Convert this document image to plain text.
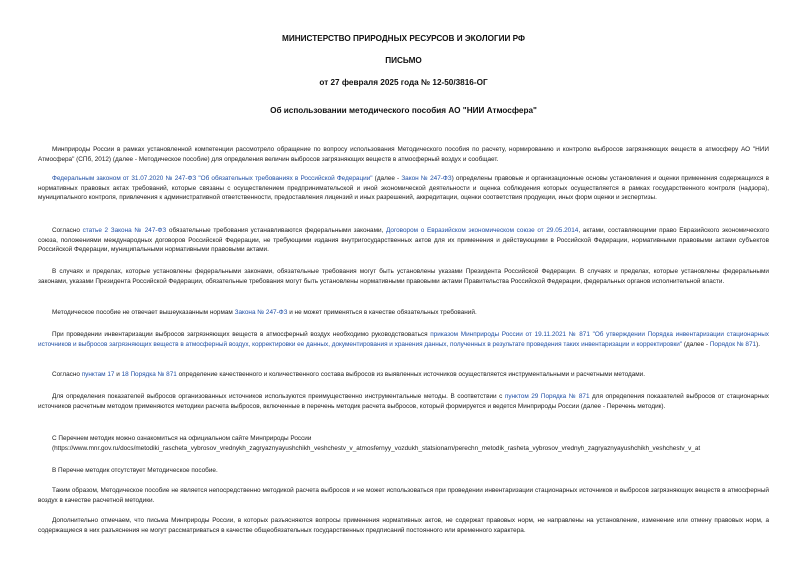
МИНИСТЕРСТВО ПРИРОДНЫХ РЕСУРСОВ И ЭКОЛОГИИ РФ
ПИСЬМО
от 27 февраля 2025 года № 12-50/3816-ОГ
Об использовании методического пособия АО "НИИ Атмосфера"

Минприроды России в рамках установленной компетенции рассмотрело обращение по вопросу использования Методического пособия по расчету, нормированию и контролю выбросов загрязняющих веществ в атмосферу АО "НИИ Атмосфера" (СПб, 2012) (далее - Методическое пособие) для определения величин выбросов загрязняющих веществ в атмосферный воздух и сообщает.

Федеральным законом от 31.07.2020 № 247-ФЗ "Об обязательных требованиях в Российской Федерации" (далее - Закон № 247-ФЗ) определены правовые и организационные основы установления и оценки применения содержащихся в нормативных правовых актах требований, которые связаны с осуществлением предпринимательской и иной экономической деятельности и оценка соблюдения которых осуществляется в рамках государственного контроля (надзора), муниципального контроля, привлечения к административной ответственности, предоставления лицензий и иных разрешений, аккредитации, оценки соответствия продукции, иных форм оценки и экспертизы.

Согласно статье 2 Закона № 247-ФЗ обязательные требования устанавливаются федеральными законами, Договором о Евразийском экономическом союзе от 29.05.2014, актами, составляющими право Евразийского экономического союза, положениями международных договоров Российской Федерации, не требующими издания внутригосударственных актов для их применения и действующими в Российской Федерации, нормативными правовыми актами субъектов Российской Федерации, муниципальными нормативными правовыми актами.

В случаях и пределах, которые установлены федеральными законами, обязательные требования могут быть установлены указами Президента Российской Федерации. В случаях и пределах, которые установлены федеральными законами, указами Президента Российской Федерации, обязательные требования могут быть установлены нормативными правовыми актами Правительства Российской Федерации, федеральных органов исполнительной власти.

Методическое пособие не отвечает вышеуказанным нормам Закона № 247-ФЗ и не может применяться в качестве обязательных требований.

При проведении инвентаризации выбросов загрязняющих веществ в атмосферный воздух необходимо руководствоваться приказом Минприроды России от 19.11.2021 № 871 "Об утверждении Порядка инвентаризации стационарных источников и выбросов загрязняющих веществ в атмосферный воздух, корректировки ее данных, документирования и хранения данных, полученных в результате проведения таких инвентаризации и корректировки" (далее - Порядок № 871).

Согласно пунктам 17 и 18 Порядка № 871 определение качественного и количественного состава выбросов из выявленных источников осуществляется инструментальными и расчетными методами.

Для определения показателей выбросов организованных источников используются преимущественно инструментальные методы. В соответствии с пунктом 29 Порядка № 871 для определения показателей выбросов от стационарных источников расчетным методом применяются методики расчета выбросов, включенные в перечень методик расчета выбросов, который формируется и ведется Минприроды России (далее - Перечень методик).

С Перечнем методик можно ознакомиться на официальном сайте Минприроды России

(https://www.mnr.gov.ru/docs/metodiki_rascheta_vybrosov_vrednykh_zagryaznyayushchikh_veshchestv_v_atmosfernyy_vozdukh_statsionarn/perechn_metodik_rasheta_vybrosov_vrednyh_zagryaznyayushchikh_veshchestv_v_at

В Перечне методик отсутствует Методическое пособие.

Таким образом, Методическое пособие не является непосредственно методикой расчета выбросов и не может использоваться при проведении инвентаризации стационарных источников и выбросов загрязняющих веществ в атмосферный воздух в качестве расчетной методики.

Дополнительно отмечаем, что письма Минприроды России, в которых разъясняются вопросы применения нормативных актов, не содержат правовых норм, не направлены на установление, изменение или отмену правовых норм, а содержащиеся в них разъяснения не могут рассматриваться в качестве общеобязательных государственных предписаний постоянного или временного характера.
